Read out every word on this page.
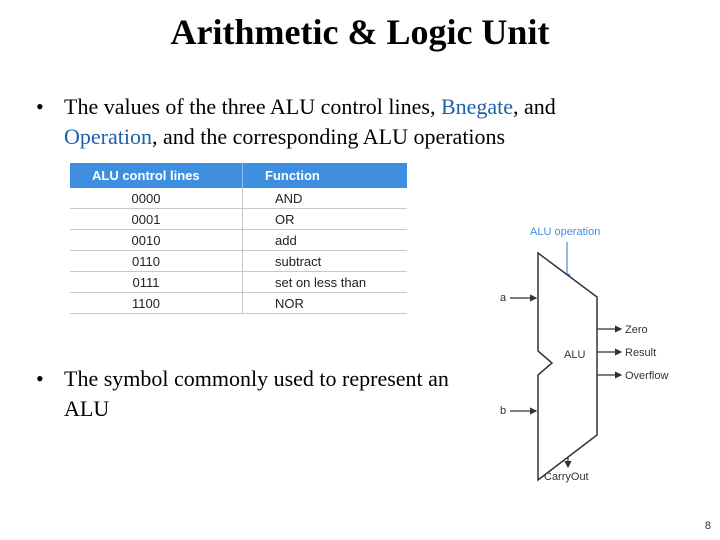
Arithmetic & Logic Unit
• The values of the three ALU control lines, Bnegate, and Operation, and the corresponding ALU operations
ALU control lines	Function
0000	AND
0001	OR
0010	add
0110	subtract
0111	set on less than
1100	NOR
• The symbol commonly used to represent an ALU
ALU operation
ALU
a
b
Zero
Result
Overflow
CarryOut
8
